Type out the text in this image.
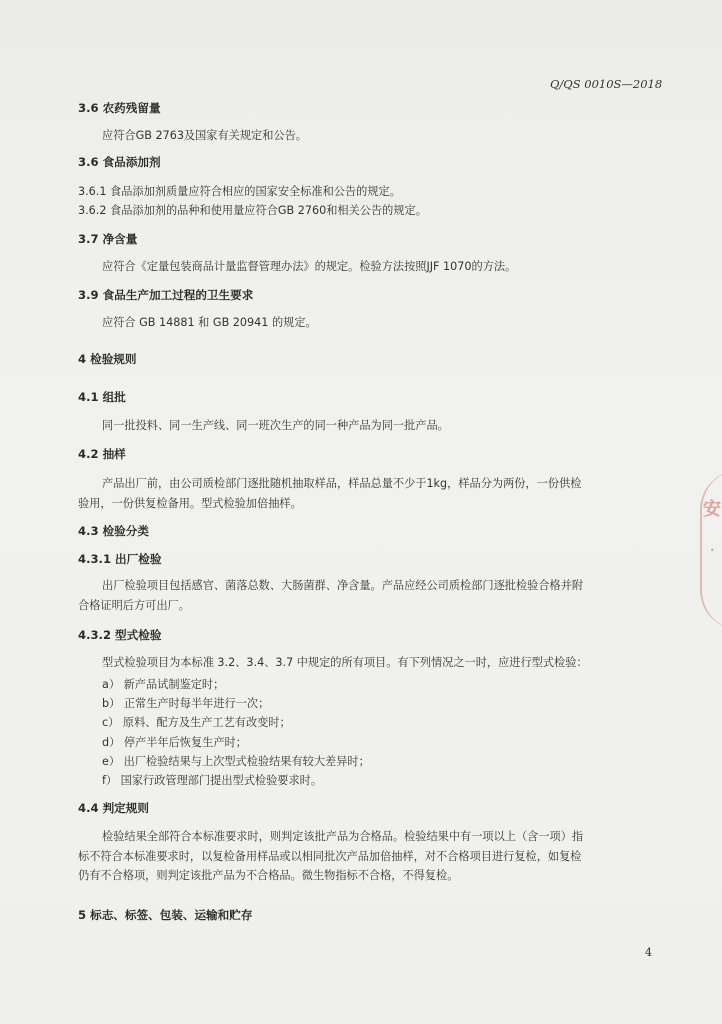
Q/QS 0010S—2018
3.6 农药残留量
应符合GB 2763及国家有关规定和公告。
3.6 食品添加剂
3.6.1 食品添加剂质量应符合相应的国家安全标准和公告的规定。
3.6.2 食品添加剂的品种和使用量应符合GB 2760和相关公告的规定。
3.7 净含量
应符合《定量包装商品计量监督管理办法》的规定。检验方法按照JJF 1070的方法。
3.9 食品生产加工过程的卫生要求
应符合 GB 14881 和 GB 20941 的规定。
4 检验规则
4.1 组批
同一批投料、同一生产线、同一班次生产的同一种产品为同一批产品。
4.2 抽样
产品出厂前，由公司质检部门逐批随机抽取样品，样品总量不少于1kg，样品分为两份，一份供检
验用，一份供复检备用。型式检验加倍抽样。
4.3 检验分类
4.3.1 出厂检验
出厂检验项目包括感官、菌落总数、大肠菌群、净含量。产品应经公司质检部门逐批检验合格并附
合格证明后方可出厂。
4.3.2 型式检验
型式检验项目为本标准 3.2、3.4、3.7 中规定的所有项目。有下列情况之一时，应进行型式检验：
a） 新产品试制鉴定时；
b） 正常生产时每半年进行一次；
c） 原料、配方及生产工艺有改变时；
d） 停产半年后恢复生产时；
e） 出厂检验结果与上次型式检验结果有较大差异时；
f） 国家行政管理部门提出型式检验要求时。
4.4 判定规则
检验结果全部符合本标准要求时，则判定该批产品为合格品。检验结果中有一项以上（含一项）指
标不符合本标准要求时，以复检备用样品或以相同批次产品加倍抽样，对不合格项目进行复检，如复检
仍有不合格项，则判定该批产品为不合格品。微生物指标不合格，不得复检。
5 标志、标签、包装、运输和贮存
4
安
.
